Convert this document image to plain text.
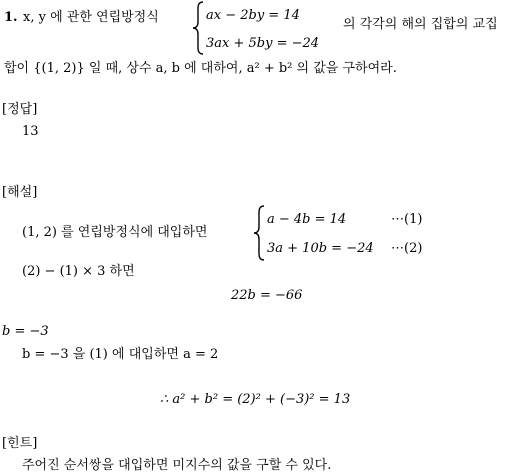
1. x, y 에 관한 연립방정식	ax − 2by = 14
3ax + 5by = −24
의 각각의 해의 집합의 교집
합이 {(1, 2)} 일 때, 상수 a, b 에 대하여, a² + b² 의 값을 구하여라.
[정답]
13
[해설]
(1, 2) 를 연립방정식에 대입하면
a − 4b = 14	⋯(1)
3a + 10b = −24 ⋯(2)
(2) − (1) × 3 하면
22b = −66
b = −3
b = −3 을 (1) 에 대입하면 a = 2
∴ a² + b² = (2)² + (−3)² = 13
[힌트]
주어진 순서쌍을 대입하면 미지수의 값을 구할 수 있다.
